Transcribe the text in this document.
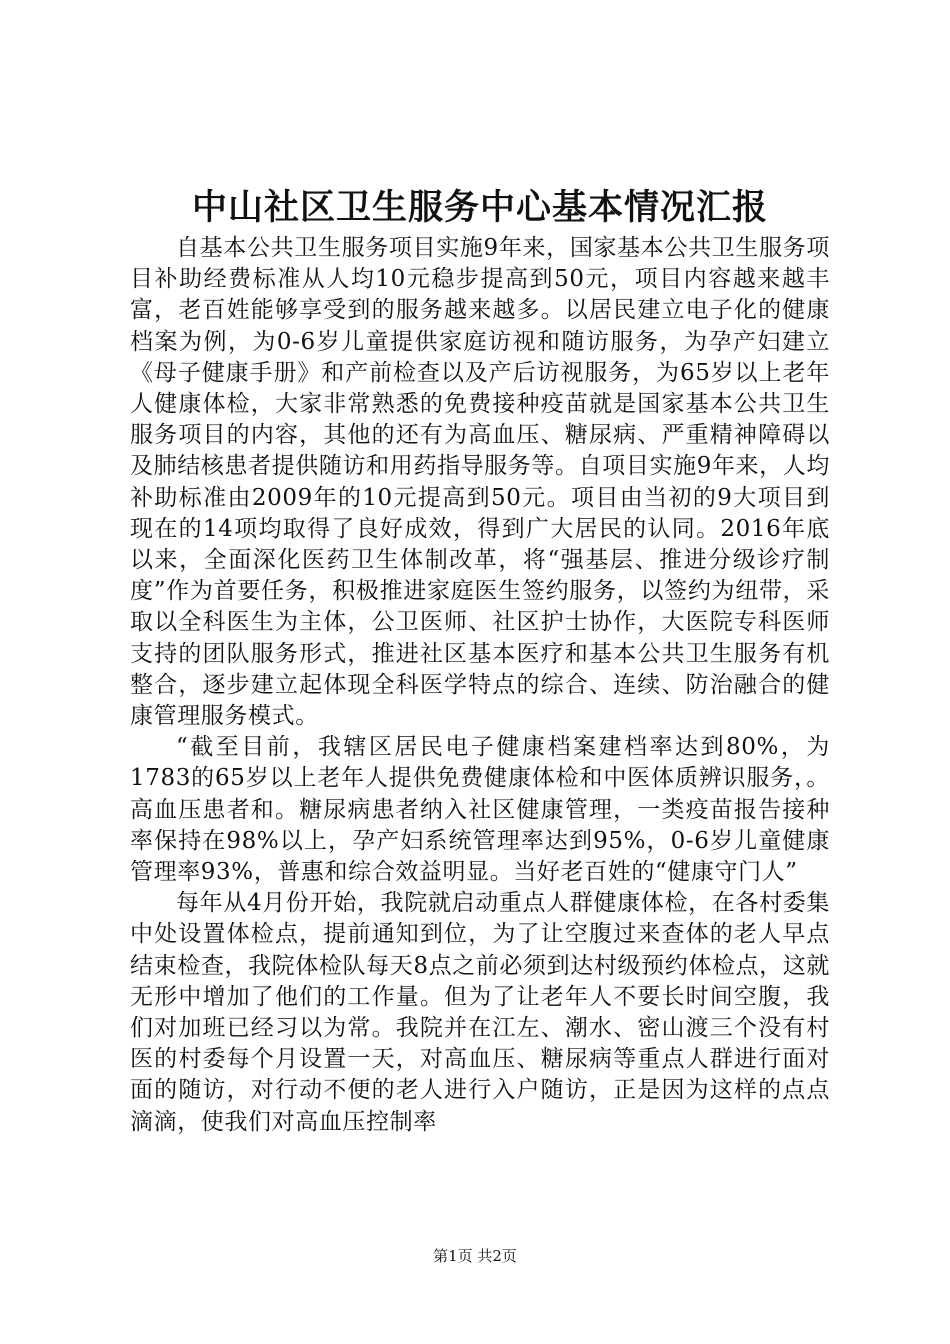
中山社区卫生服务中心基本情况汇报

自基本公共卫生服务项目实施9年来，国家基本公共卫生服务项目补助经费标准从人均10元稳步提高到50元，项目内容越来越丰富，老百姓能够享受到的服务越来越多。以居民建立电子化的健康档案为例，为0-6岁儿童提供家庭访视和随访服务，为孕产妇建立《母子健康手册》和产前检查以及产后访视服务，为65岁以上老年人健康体检，大家非常熟悉的免费接种疫苗就是国家基本公共卫生服务项目的内容，其他的还有为高血压、糖尿病、严重精神障碍以及肺结核患者提供随访和用药指导服务等。自项目实施9年来，人均补助标准由2009年的10元提高到50元。项目由当初的9大项目到现在的14项均取得了良好成效，得到广大居民的认同。2016年底以来，全面深化医药卫生体制改革，将“强基层、推进分级诊疗制度”作为首要任务，积极推进家庭医生签约服务，以签约为纽带，采取以全科医生为主体，公卫医师、社区护士协作，大医院专科医师支持的团队服务形式，推进社区基本医疗和基本公共卫生服务有机整合，逐步建立起体现全科医学特点的综合、连续、防治融合的健康管理服务模式。

“截至目前，我辖区居民电子健康档案建档率达到80%，为1783的65岁以上老年人提供免费健康体检和中医体质辨识服务，。高血压患者和。糖尿病患者纳入社区健康管理，一类疫苗报告接种率保持在98%以上，孕产妇系统管理率达到95%，0-6岁儿童健康管理率93%，普惠和综合效益明显。当好老百姓的“健康守门人”

每年从4月份开始，我院就启动重点人群健康体检，在各村委集中处设置体检点，提前通知到位，为了让空腹过来查体的老人早点结束检查，我院体检队每天8点之前必须到达村级预约体检点，这就无形中增加了他们的工作量。但为了让老年人不要长时间空腹，我们对加班已经习以为常。我院并在江左、潮水、密山渡三个没有村医的村委每个月设置一天，对高血压、糖尿病等重点人群进行面对面的随访，对行动不便的老人进行入户随访，正是因为这样的点点滴滴，使我们对高血压控制率

第1页 共2页
